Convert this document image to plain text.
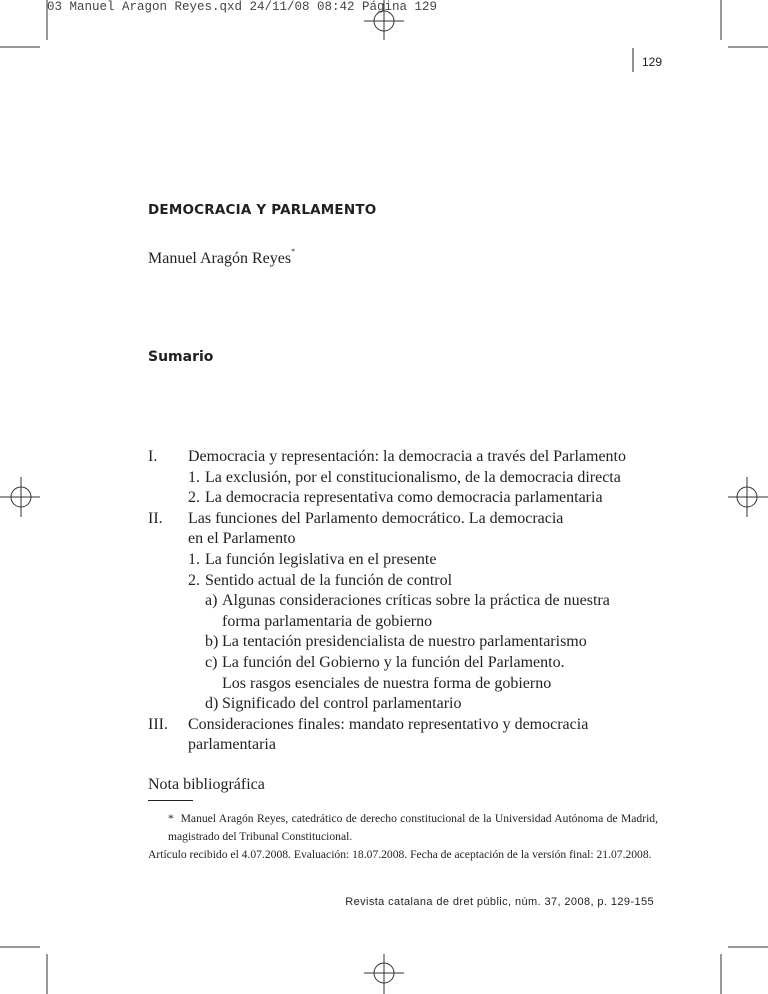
03 Manuel Aragon Reyes.qxd 24/11/08 08:42 Página 129
129
DEMOCRACIA Y PARLAMENTO
Manuel Aragón Reyes*
Sumario
I. Democracia y representación: la democracia a través del Parlamento
1. La exclusión, por el constitucionalismo, de la democracia directa
2. La democracia representativa como democracia parlamentaria
II. Las funciones del Parlamento democrático. La democracia
en el Parlamento
1. La función legislativa en el presente
2. Sentido actual de la función de control
a) Algunas consideraciones críticas sobre la práctica de nuestra
forma parlamentaria de gobierno
b) La tentación presidencialista de nuestro parlamentarismo
c) La función del Gobierno y la función del Parlamento.
Los rasgos esenciales de nuestra forma de gobierno
d) Significado del control parlamentario
III. Consideraciones finales: mandato representativo y democracia
parlamentaria
Nota bibliográfica
* Manuel Aragón Reyes, catedrático de derecho constitucional de la Universidad Autónoma de Madrid, magistrado del Tribunal Constitucional.
Artículo recibido el 4.07.2008. Evaluación: 18.07.2008. Fecha de aceptación de la versión final: 21.07.2008.
Revista catalana de dret públic, núm. 37, 2008, p. 129-155
